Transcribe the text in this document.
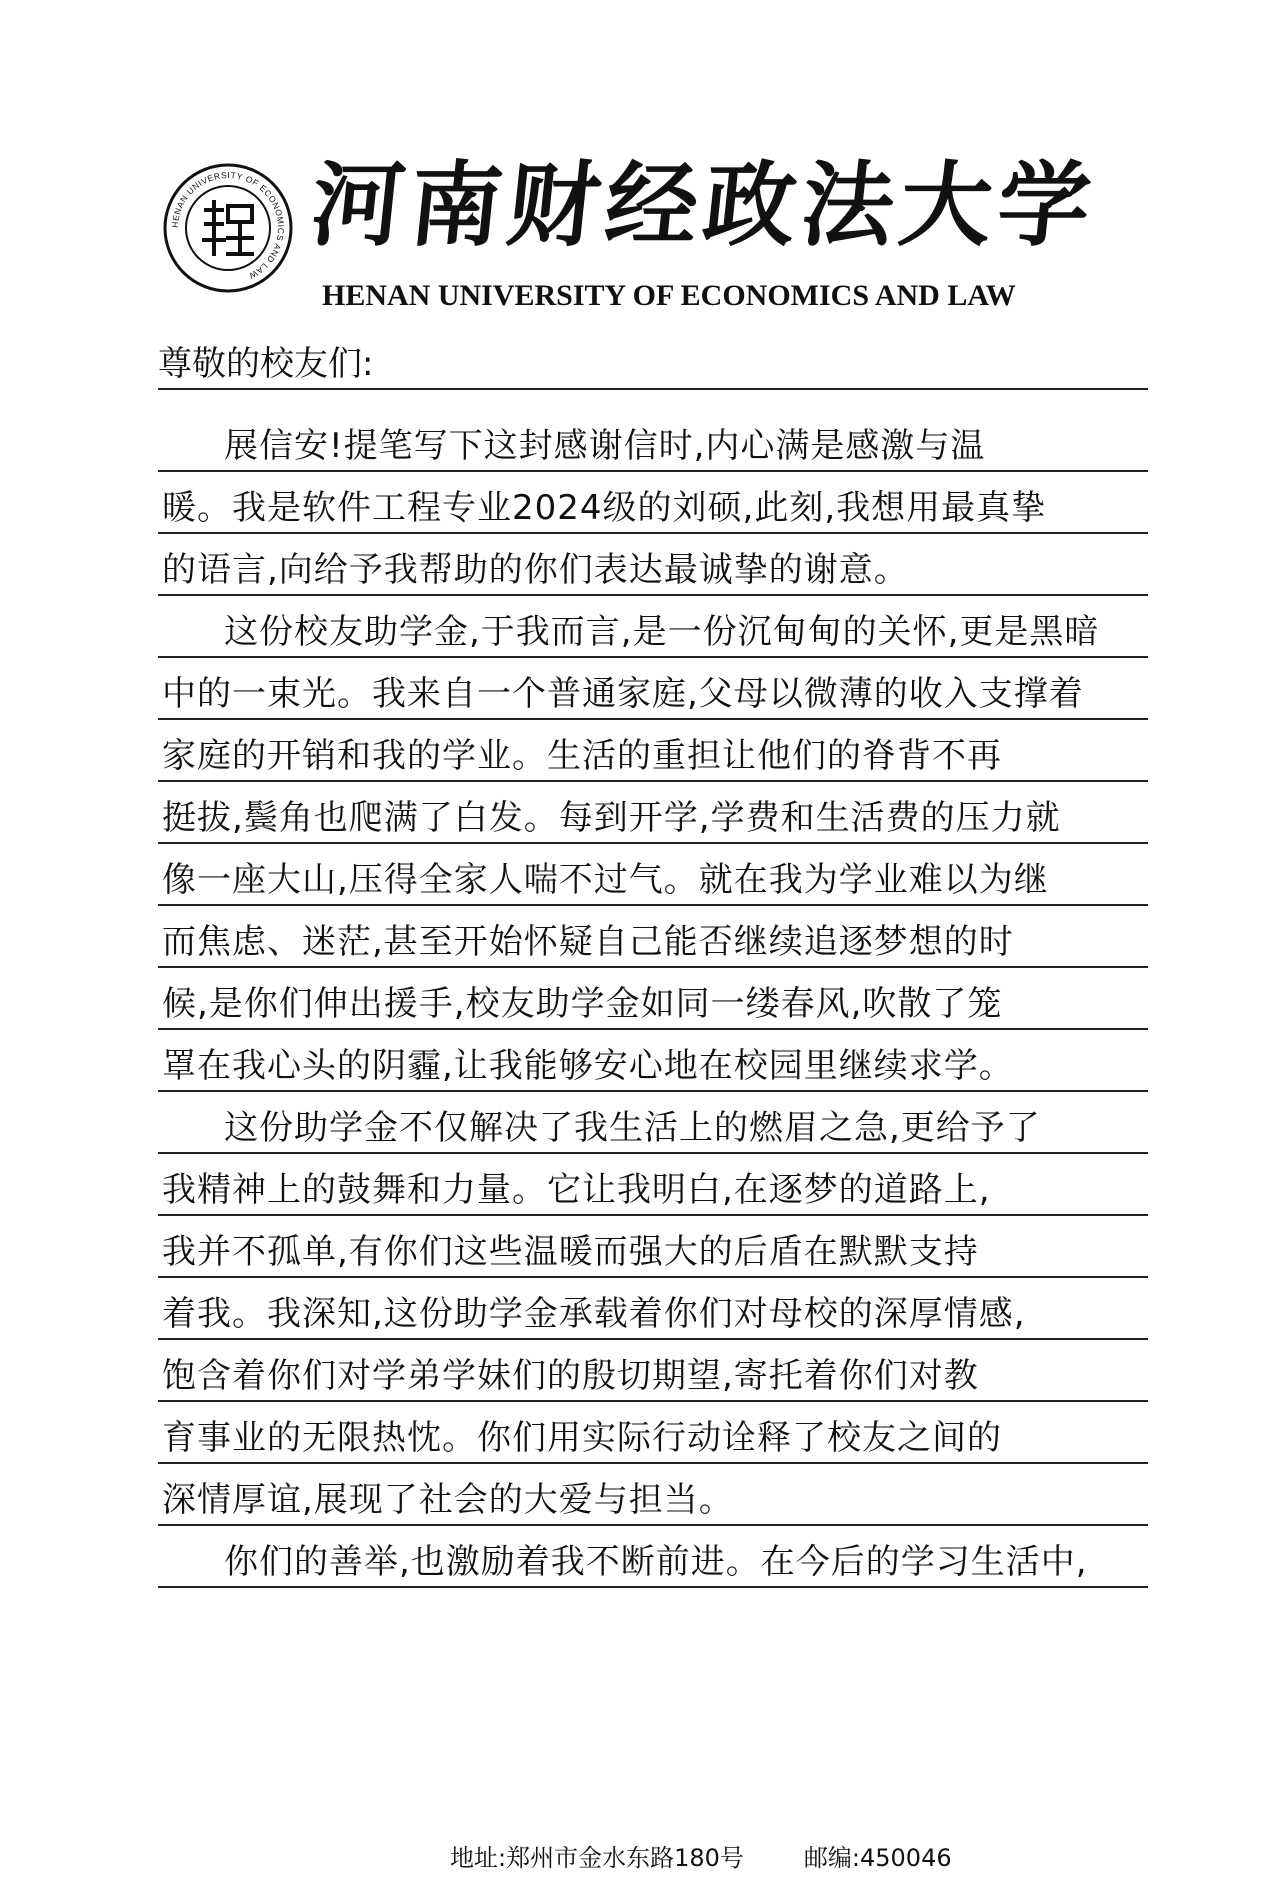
HENAN UNIVERSITY OF ECONOMICS AND LAW
河南财经政法大学
HENAN UNIVERSITY OF ECONOMICS AND LAW
尊敬的校友们:
展信安!提笔写下这封感谢信时,内心满是感激与温
暖。我是软件工程专业2024级的刘硕,此刻,我想用最真挚
的语言,向给予我帮助的你们表达最诚挚的谢意。
这份校友助学金,于我而言,是一份沉甸甸的关怀,更是黑暗
中的一束光。我来自一个普通家庭,父母以微薄的收入支撑着
家庭的开销和我的学业。生活的重担让他们的脊背不再
挺拔,鬓角也爬满了白发。每到开学,学费和生活费的压力就
像一座大山,压得全家人喘不过气。就在我为学业难以为继
而焦虑、迷茫,甚至开始怀疑自己能否继续追逐梦想的时
候,是你们伸出援手,校友助学金如同一缕春风,吹散了笼
罩在我心头的阴霾,让我能够安心地在校园里继续求学。
这份助学金不仅解决了我生活上的燃眉之急,更给予了
我精神上的鼓舞和力量。它让我明白,在逐梦的道路上,
我并不孤单,有你们这些温暖而强大的后盾在默默支持
着我。我深知,这份助学金承载着你们对母校的深厚情感,
饱含着你们对学弟学妹们的殷切期望,寄托着你们对教
育事业的无限热忱。你们用实际行动诠释了校友之间的
深情厚谊,展现了社会的大爱与担当。
你们的善举,也激励着我不断前进。在今后的学习生活中,
地址:郑州市金水东路180号	邮编:450046
